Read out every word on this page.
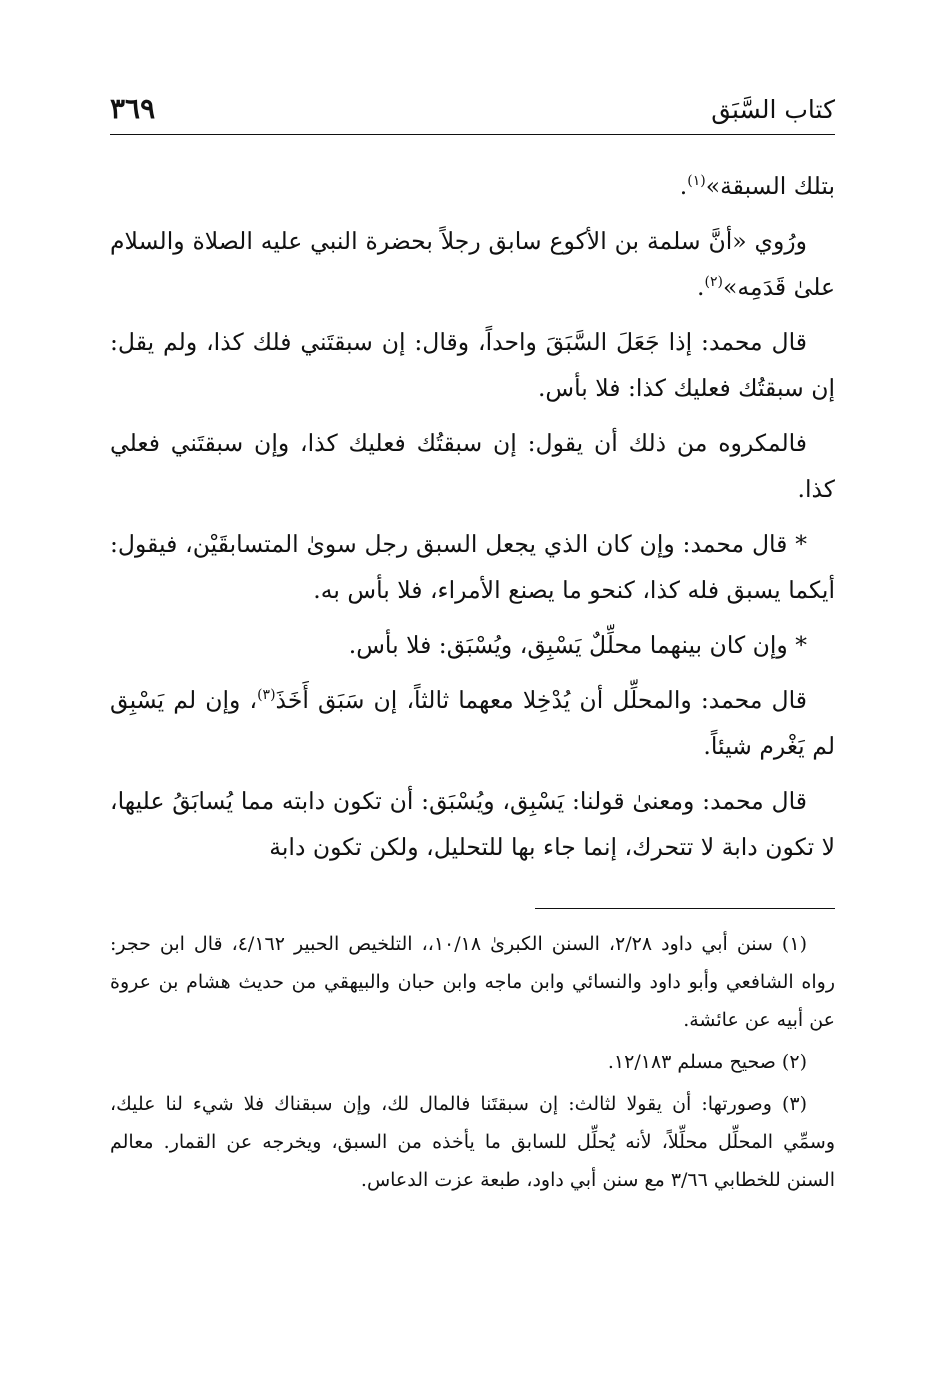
كتاب السَّبَق
٣٦٩

بتلك السبقة»$^{(١)}$.

ورُوي «أنَّ سلمة بن الأكوع سابق رجلاً بحضرة النبي عليه الصلاة والسلام علىٰ قَدَمِه»$^{(٢)}$.

قال محمد: إذا جَعَلَ السَّبَقَ واحداً، وقال: إن سبقتَني فلك كذا، ولم يقل: إن سبقتُك فعليك كذا: فلا بأس.

فالمكروه من ذلك أن يقول: إن سبقتُك فعليك كذا، وإن سبقتَني فعلي كذا.

* قال محمد: وإن كان الذي يجعل السبق رجل سوىٰ المتسابقَيْن، فيقول: أيكما يسبق فله كذا، كنحو ما يصنع الأمراء، فلا بأس به.

* وإن كان بينهما محلِّلٌ يَسْبِق، ويُسْبَق: فلا بأس.

قال محمد: والمحلِّل أن يُدْخِلا معهما ثالثاً، إن سَبَق أَخَذَ$^{(٣)}$، وإن لم يَسْبِق لم يَغْرم شيئاً.

قال محمد: ومعنىٰ قولنا: يَسْبِق، ويُسْبَق: أن تكون دابته مما يُسابَقُ عليها، لا تكون دابة لا تتحرك، إنما جاء بها للتحليل، ولكن تكون دابة

(١) سنن أبي داود ٢/٢٨، السنن الكبرىٰ ١٠/١٨،، التلخيص الحبير ٤/١٦٢، قال ابن حجر: رواه الشافعي وأبو داود والنسائي وابن ماجه وابن حبان والبيهقي من حديث هشام بن عروة عن أبيه عن عائشة.

(٢) صحيح مسلم ١٢/١٨٣.

(٣) وصورتها: أن يقولا لثالث: إن سبقتَنا فالمال لك، وإن سبقناك فلا شيء لنا عليك، وسمِّي المحلِّل محلِّلاً، لأنه يُحلِّل للسابق ما يأخذه من السبق، ويخرجه عن القمار. معالم السنن للخطابي ٣/٦٦ مع سنن أبي داود، طبعة عزت الدعاس.
